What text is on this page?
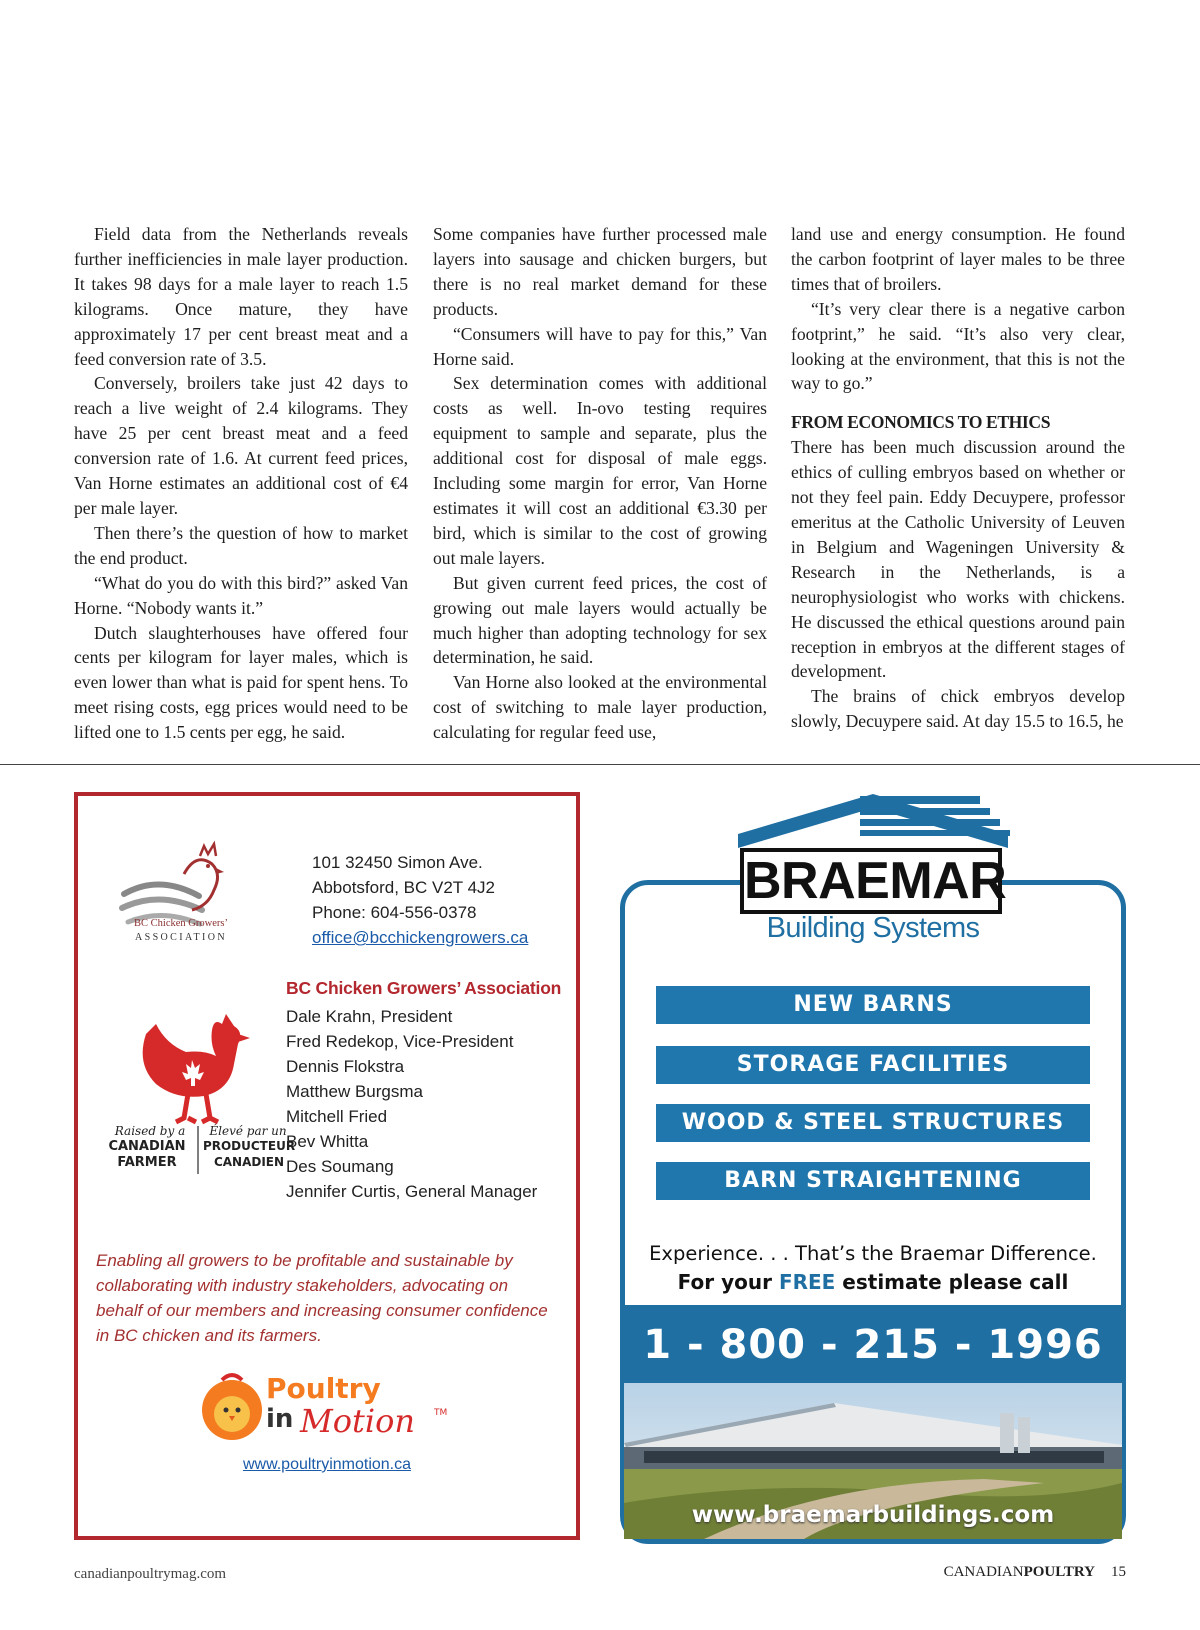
Field data from the Netherlands reveals further inefficiencies in male layer production. It takes 98 days for a male layer to reach 1.5 kilograms. Once mature, they have approximately 17 per cent breast meat and a feed conversion rate of 3.5.

Conversely, broilers take just 42 days to reach a live weight of 2.4 kilograms. They have 25 per cent breast meat and a feed conversion rate of 1.6. At current feed prices, Van Horne estimates an additional cost of €4 per male layer.

Then there’s the question of how to market the end product.

“What do you do with this bird?” asked Van Horne. “Nobody wants it.”

Dutch slaughterhouses have offered four cents per kilogram for layer males, which is even lower than what is paid for spent hens. To meet rising costs, egg prices would need to be lifted one to 1.5 cents per egg, he said.

Some companies have further processed male layers into sausage and chicken burgers, but there is no real market demand for these products.

“Consumers will have to pay for this,” Van Horne said.

Sex determination comes with additional costs as well. In-ovo testing requires equipment to sample and separate, plus the additional cost for disposal of male eggs. Including some margin for error, Van Horne estimates it will cost an additional €3.30 per bird, which is similar to the cost of growing out male layers.

But given current feed prices, the cost of growing out male layers would actually be much higher than adopting technology for sex determination, he said.

Van Horne also looked at the environmental cost of switching to male layer production, calculating for regular feed use,

land use and energy consumption. He found the carbon footprint of layer males to be three times that of broilers.

“It’s very clear there is a negative carbon footprint,” he said. “It’s also very clear, looking at the environment, that this is not the way to go.”

FROM ECONOMICS TO ETHICS

There has been much discussion around the ethics of culling embryos based on whether or not they feel pain. Eddy Decuypere, professor emeritus at the Catholic University of Leuven in Belgium and Wageningen University & Research in the Netherlands, is a neurophysiologist who works with chickens. He discussed the ethical questions around pain reception in embryos at the different stages of development.

The brains of chick embryos develop slowly, Decuypere said. At day 15.5 to 16.5, he

BC Chicken Growers’
ASSOCIATION
101 32450 Simon Ave.
Abbotsford, BC V2T 4J2
Phone: 604-556-0378
office@bcchickengrowers.ca
BC Chicken Growers’ Association
Dale Krahn, President
Fred Redekop, Vice-President
Dennis Flokstra
Matthew Burgsma
Mitchell Fried
Bev Whitta
Des Soumang
Jennifer Curtis, General Manager
Raised by a
CANADIAN
FARMER
Élevé par un
PRODUCTEUR
CANADIEN
Enabling all growers to be profitable and sustainable by collaborating with industry stakeholders, advocating on behalf of our members and increasing consumer confidence in BC chicken and its farmers.
Poultry
in Motion TM
www.poultryinmotion.ca
BRAEMAR
Building Systems
NEW BARNS
STORAGE FACILITIES
WOOD & STEEL STRUCTURES
BARN STRAIGHTENING
Experience. . . That’s the Braemar Difference.
For your FREE estimate please call
1 - 800 - 215 - 1996
www.braemarbuildings.com
canadianpoultrymag.com	CANADIANPOULTRY 15
